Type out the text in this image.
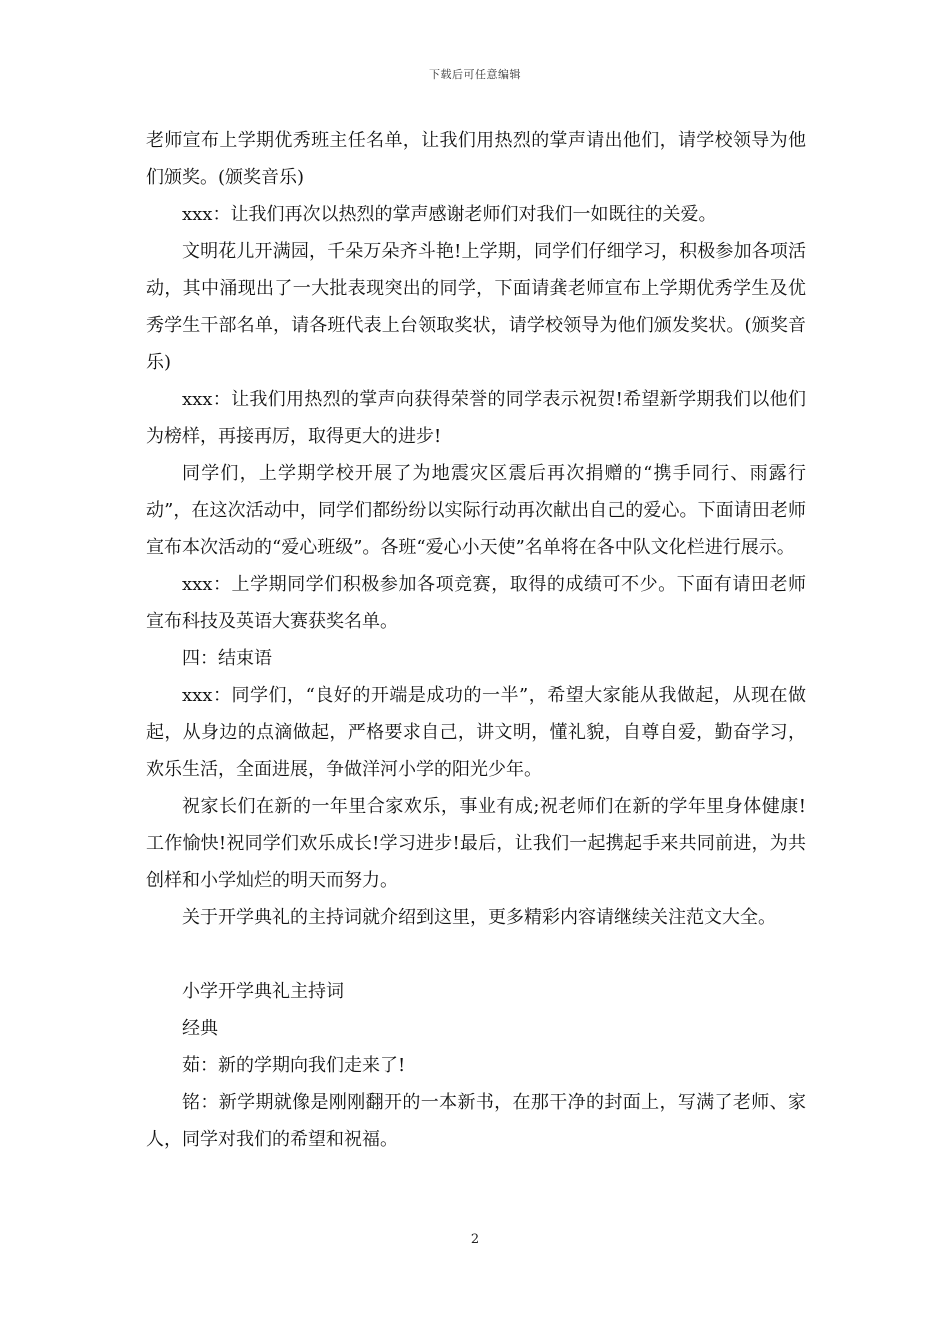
下载后可任意编辑

老师宣布上学期优秀班主任名单，让我们用热烈的掌声请出他们，请学校领导为他们颁奖。(颁奖音乐)

xxx：让我们再次以热烈的掌声感谢老师们对我们一如既往的关爱。

文明花儿开满园，千朵万朵齐斗艳!上学期，同学们仔细学习，积极参加各项活动，其中涌现出了一大批表现突出的同学，下面请龚老师宣布上学期优秀学生及优秀学生干部名单，请各班代表上台领取奖状，请学校领导为他们颁发奖状。(颁奖音乐)

xxx：让我们用热烈的掌声向获得荣誉的同学表示祝贺!希望新学期我们以他们为榜样，再接再厉，取得更大的进步!

同学们，上学期学校开展了为地震灾区震后再次捐赠的“携手同行、雨露行动”，在这次活动中，同学们都纷纷以实际行动再次献出自己的爱心。下面请田老师宣布本次活动的“爱心班级”。各班“爱心小天使”名单将在各中队文化栏进行展示。

xxx：上学期同学们积极参加各项竞赛，取得的成绩可不少。下面有请田老师宣布科技及英语大赛获奖名单。

四：结束语

xxx：同学们，“良好的开端是成功的一半”，希望大家能从我做起，从现在做起，从身边的点滴做起，严格要求自己，讲文明，懂礼貌，自尊自爱，勤奋学习，欢乐生活，全面进展，争做洋河小学的阳光少年。

祝家长们在新的一年里合家欢乐，事业有成;祝老师们在新的学年里身体健康!工作愉快!祝同学们欢乐成长!学习进步!最后，让我们一起携起手来共同前进，为共创样和小学灿烂的明天而努力。

关于开学典礼的主持词就介绍到这里，更多精彩内容请继续关注范文大全。

小学开学典礼主持词

经典

茹：新的学期向我们走来了!

铭：新学期就像是刚刚翻开的一本新书，在那干净的封面上，写满了老师、家人，同学对我们的希望和祝福。

2
